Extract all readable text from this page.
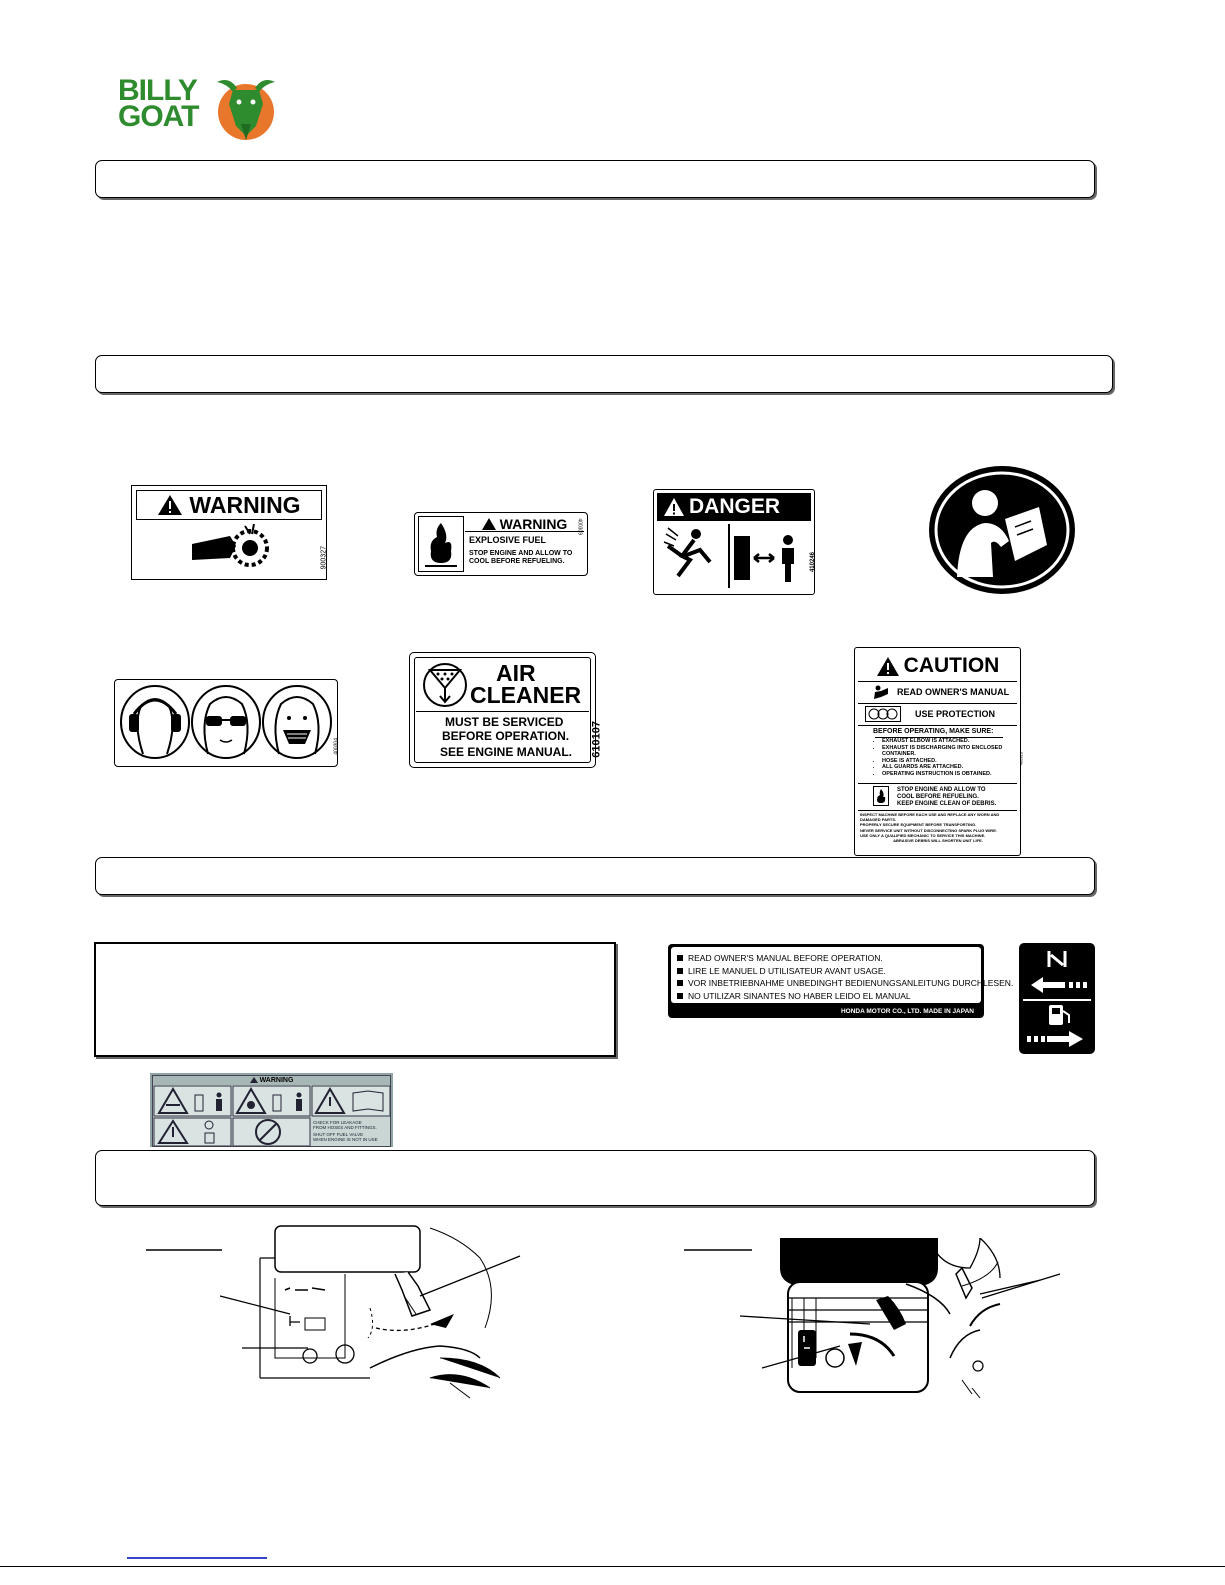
BILLY
GOAT
WARNING
900327
WARNING
EXPLOSIVE FUEL
STOP ENGINE AND ALLOW TO
COOL BEFORE REFUELING.
400309
DANGER
410246
400304
AIR
CLEANER
MUST BE SERVICED
BEFORE OPERATION.
SEE ENGINE MANUAL. 610107
CAUTION
READ OWNER'S MANUAL
USE PROTECTION
BEFORE OPERATING, MAKE SURE:
• EXHAUST ELBOW IS ATTACHED.
• EXHAUST IS DISCHARGING INTO ENCLOSED CONTAINER.
• HOSE IS ATTACHED.
• ALL GUARDS ARE ATTACHED.
• OPERATING INSTRUCTION IS OBTAINED.
400310
STOP ENGINE AND ALLOW TO
COOL BEFORE REFUELING.
KEEP ENGINE CLEAN OF DEBRIS.
INSPECT MACHINE BEFORE EACH USE AND REPLACE ANY WORN AND DAMAGED PARTS.
PROPERLY SECURE EQUIPMENT BEFORE TRANSPORTING.
NEVER SERVICE UNIT WITHOUT DISCONNECTING SPARK PLUG WIRE.
USE ONLY A QUALIFIED MECHANIC TO SERVICE THIS MACHINE.
ABRASIVE DEBRIS WILL SHORTEN UNIT LIFE.
READ OWNER'S MANUAL BEFORE OPERATION.
LIRE LE MANUEL D UTILISATEUR AVANT USAGE.
VOR INBETRIEBNAHME UNBEDINGHT BEDIENUNGSANLEITUNG DURCHLESEN.
NO UTILIZAR SINANTES NO HABER LEIDO EL MANUAL
HONDA MOTOR CO., LTD. MADE IN JAPAN
WARNING
CHECK FOR LEAKAGE
FROM HOSES AND FITTINGS.
SHUT OFF FUEL VALVE
WHEN ENGINE IS NOT IN USE
